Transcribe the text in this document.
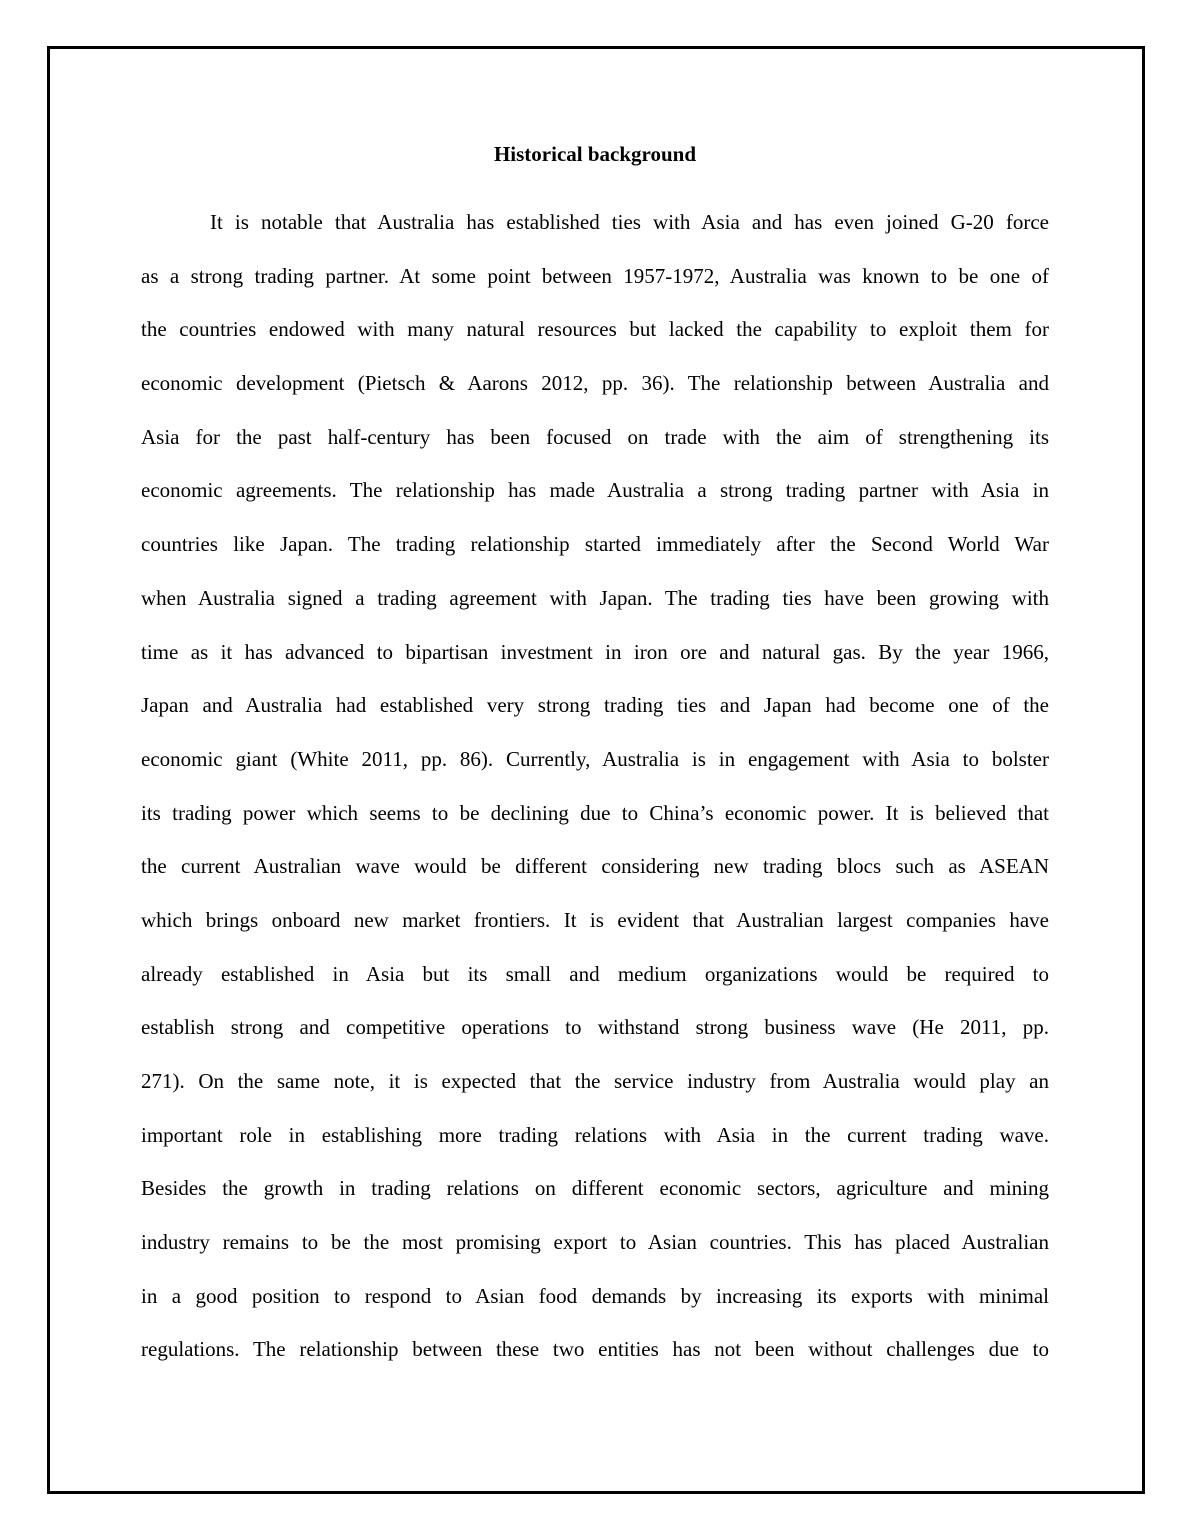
Historical background
It is notable that Australia has established ties with Asia and has even joined G-20 force
as a strong trading partner. At some point between 1957-1972, Australia was known to be one of
the countries endowed with many natural resources but lacked the capability to exploit them for
economic development (Pietsch & Aarons 2012, pp. 36). The relationship between Australia and
Asia for the past half-century has been focused on trade with the aim of strengthening its
economic agreements. The relationship has made Australia a strong trading partner with Asia in
countries like Japan. The trading relationship started immediately after the Second World War
when Australia signed a trading agreement with Japan. The trading ties have been growing with
time as it has advanced to bipartisan investment in iron ore and natural gas. By the year 1966,
Japan and Australia had established very strong trading ties and Japan had become one of the
economic giant (White 2011, pp. 86). Currently, Australia is in engagement with Asia to bolster
its trading power which seems to be declining due to China’s economic power. It is believed that
the current Australian wave would be different considering new trading blocs such as ASEAN
which brings onboard new market frontiers. It is evident that Australian largest companies have
already established in Asia but its small and medium organizations would be required to
establish strong and competitive operations to withstand strong business wave (He 2011, pp.
271). On the same note, it is expected that the service industry from Australia would play an
important role in establishing more trading relations with Asia in the current trading wave.
Besides the growth in trading relations on different economic sectors, agriculture and mining
industry remains to be the most promising export to Asian countries. This has placed Australian
in a good position to respond to Asian food demands by increasing its exports with minimal
regulations. The relationship between these two entities has not been without challenges due to
